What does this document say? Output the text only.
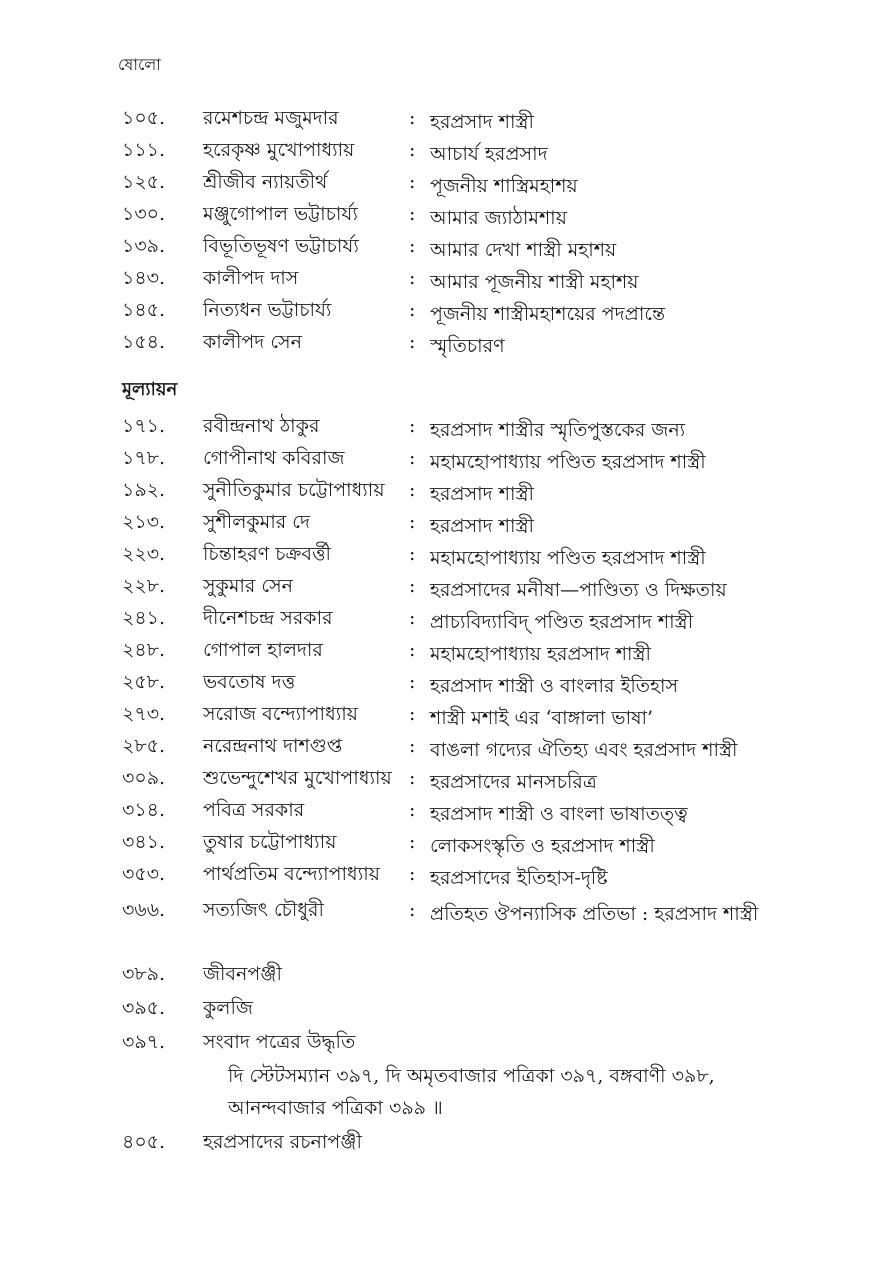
ষোলো
১০৫. রমেশচন্দ্র মজুমদার	: হরপ্রসাদ শাস্ত্রী
১১১. হরেকৃষ্ণ মুখোপাধ্যায়	: আচার্য হরপ্রসাদ
১২৫. শ্রীজীব ন্যায়তীর্থ	: পূজনীয় শাস্ত্রিমহাশয়
১৩০. মঞ্জুগোপাল ভট্টাচার্য্য	: আমার জ্যাঠামশায়
১৩৯. বিভূতিভূষণ ভট্টাচার্য্য	: আমার দেখা শাস্ত্রী মহাশয়
১৪৩. কালীপদ দাস	: আমার পূজনীয় শাস্ত্রী মহাশয়
১৪৫. নিত্যধন ভট্টাচার্য্য	: পূজনীয় শাস্ত্রীমহাশয়ের পদপ্রান্তে
১৫৪. কালীপদ সেন	: স্মৃতিচারণ
মূল্যায়ন
১৭১. রবীন্দ্রনাথ ঠাকুর	: হরপ্রসাদ শাস্ত্রীর স্মৃতিপুস্তকের জন্য
১৭৮. গোপীনাথ কবিরাজ	: মহামহোপাধ্যায় পণ্ডিত হরপ্রসাদ শাস্ত্রী
১৯২. সুনীতিকুমার চট্টোপাধ্যায় : হরপ্রসাদ শাস্ত্রী
২১৩. সুশীলকুমার দে	: হরপ্রসাদ শাস্ত্রী
২২৩. চিন্তাহরণ চক্রবর্ত্তী	: মহামহোপাধ্যায় পণ্ডিত হরপ্রসাদ শাস্ত্রী
২২৮. সুকুমার সেন	: হরপ্রসাদের মনীষা—পাণ্ডিত্য ও দিক্ষতায়
২৪১. দীনেশচন্দ্র সরকার	: প্রাচ্যবিদ্যাবিদ্ পণ্ডিত হরপ্রসাদ শাস্ত্রী
২৪৮. গোপাল হালদার	: মহামহোপাধ্যায় হরপ্রসাদ শাস্ত্রী
২৫৮. ভবতোষ দত্ত	: হরপ্রসাদ শাস্ত্রী ও বাংলার ইতিহাস
২৭৩. সরোজ বন্দ্যোপাধ্যায়	: শাস্ত্রী মশাই এর ‘বাঙ্গালা ভাষা’
২৮৫. নরেন্দ্রনাথ দাশগুপ্ত	: বাঙলা গদ্যের ঐতিহ্য এবং হরপ্রসাদ শাস্ত্রী
৩০৯. শুভেন্দুশেখর মুখোপাধ্যায় : হরপ্রসাদের মানসচরিত্র
৩১৪. পবিত্র সরকার	: হরপ্রসাদ শাস্ত্রী ও বাংলা ভাষাতত্ত্ব
৩৪১. তুষার চট্টোপাধ্যায়	: লোকসংস্কৃতি ও হরপ্রসাদ শাস্ত্রী
৩৫৩. পার্থপ্রতিম বন্দ্যোপাধ্যায় : হরপ্রসাদের ইতিহাস-দৃষ্টি
৩৬৬. সত্যজিৎ চৌধুরী	: প্রতিহত ঔপন্যাসিক প্রতিভা : হরপ্রসাদ শাস্ত্রী
৩৮৯. জীবনপঞ্জী
৩৯৫. কুলজি
৩৯৭. সংবাদ পত্রের উদ্ধৃতি
দি স্টেটসম্যান ৩৯৭, দি অমৃতবাজার পত্রিকা ৩৯৭, বঙ্গবাণী ৩৯৮,
আনন্দবাজার পত্রিকা ৩৯৯ ॥
৪০৫. হরপ্রসাদের রচনাপঞ্জী
